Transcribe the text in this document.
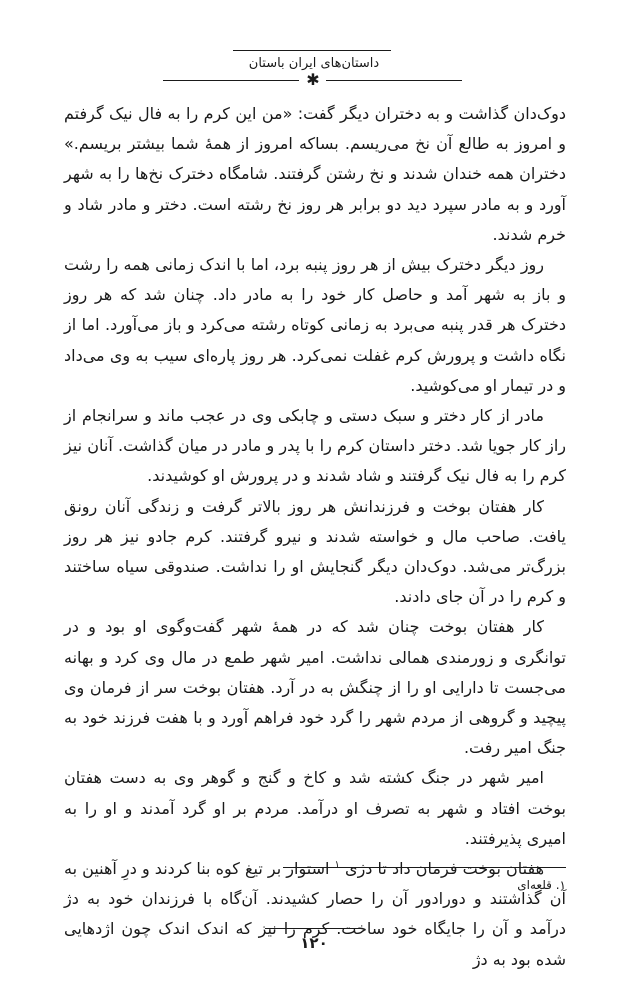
داستان‌های ایران باستان
✱

دوک‌دان گذاشت و به دختران دیگر گفت: «من این کرم را به فال نیک گرفتم و امروز به طالع آن نخ می‌ریسم. بساکه امروز از همهٔ شما بیشتر بریسم.» دختران همه خندان شدند و نخ رشتن گرفتند. شامگاه دخترک نخ‌ها را به شهر آورد و به مادر سپرد دید دو برابر هر روز نخ رشته است. دختر و مادر شاد و خرم شدند.

روز دیگر دخترک بیش از هر روز پنبه برد، اما با اندک زمانی همه را رشت و باز به شهر آمد و حاصل کار خود را به مادر داد. چنان شد که هر روز دخترک هر قدر پنبه می‌برد به زمانی کوتاه رشته می‌کرد و باز می‌آورد. اما از نگاه داشت و پرورش کرم غفلت نمی‌کرد. هر روز پاره‌ای سیب به وی می‌داد و در تیمار او می‌کوشید.

مادر از کار دختر و سبک دستی و چابکی وی در عجب ماند و سرانجام از راز کار جویا شد. دختر داستان کرم را با پدر و مادر در میان گذاشت. آنان نیز کرم را به فال نیک گرفتند و شاد شدند و در پرورش او کوشیدند.

کار هفتان بوخت و فرزندانش هر روز بالاتر گرفت و زندگی آنان رونق یافت. صاحب مال و خواسته شدند و نیرو گرفتند. کرم جادو نیز هر روز بزرگ‌تر می‌شد. دوک‌دان دیگر گنجایش او را نداشت. صندوقی سیاه ساختند و کرم را در آن جای دادند.

کار هفتان بوخت چنان شد که در همهٔ شهر گفت‌وگوی او بود و در توانگری و زورمندی همالی نداشت. امیر شهر طمع در مال وی کرد و بهانه می‌جست تا دارایی او را از چنگش به در آرد. هفتان بوخت سر از فرمان وی پیچید و گروهی از مردم شهر را گرد خود فراهم آورد و با هفت فرزند خود به جنگ امیر رفت.

امیر شهر در جنگ کشته شد و کاخ و گنج و گوهر وی به دست هفتان بوخت افتاد و شهر به تصرف او درآمد. مردم بر او گرد آمدند و او را به امیری پذیرفتند.

هفتان بوخت فرمان داد تا دژی $^۱$ استوار بر تیغ کوه بنا کردند و درِ آهنین به آن گذاشتند و دورادور آن را حصار کشیدند. آن‌گاه با فرزندان خود به دژ درآمد و آن را جایگاه خود ساخت. کرم را نیز که اندک اندک چون اژدهایی شده بود به دژ

۱. قلعه‌ای
۱۲۰
